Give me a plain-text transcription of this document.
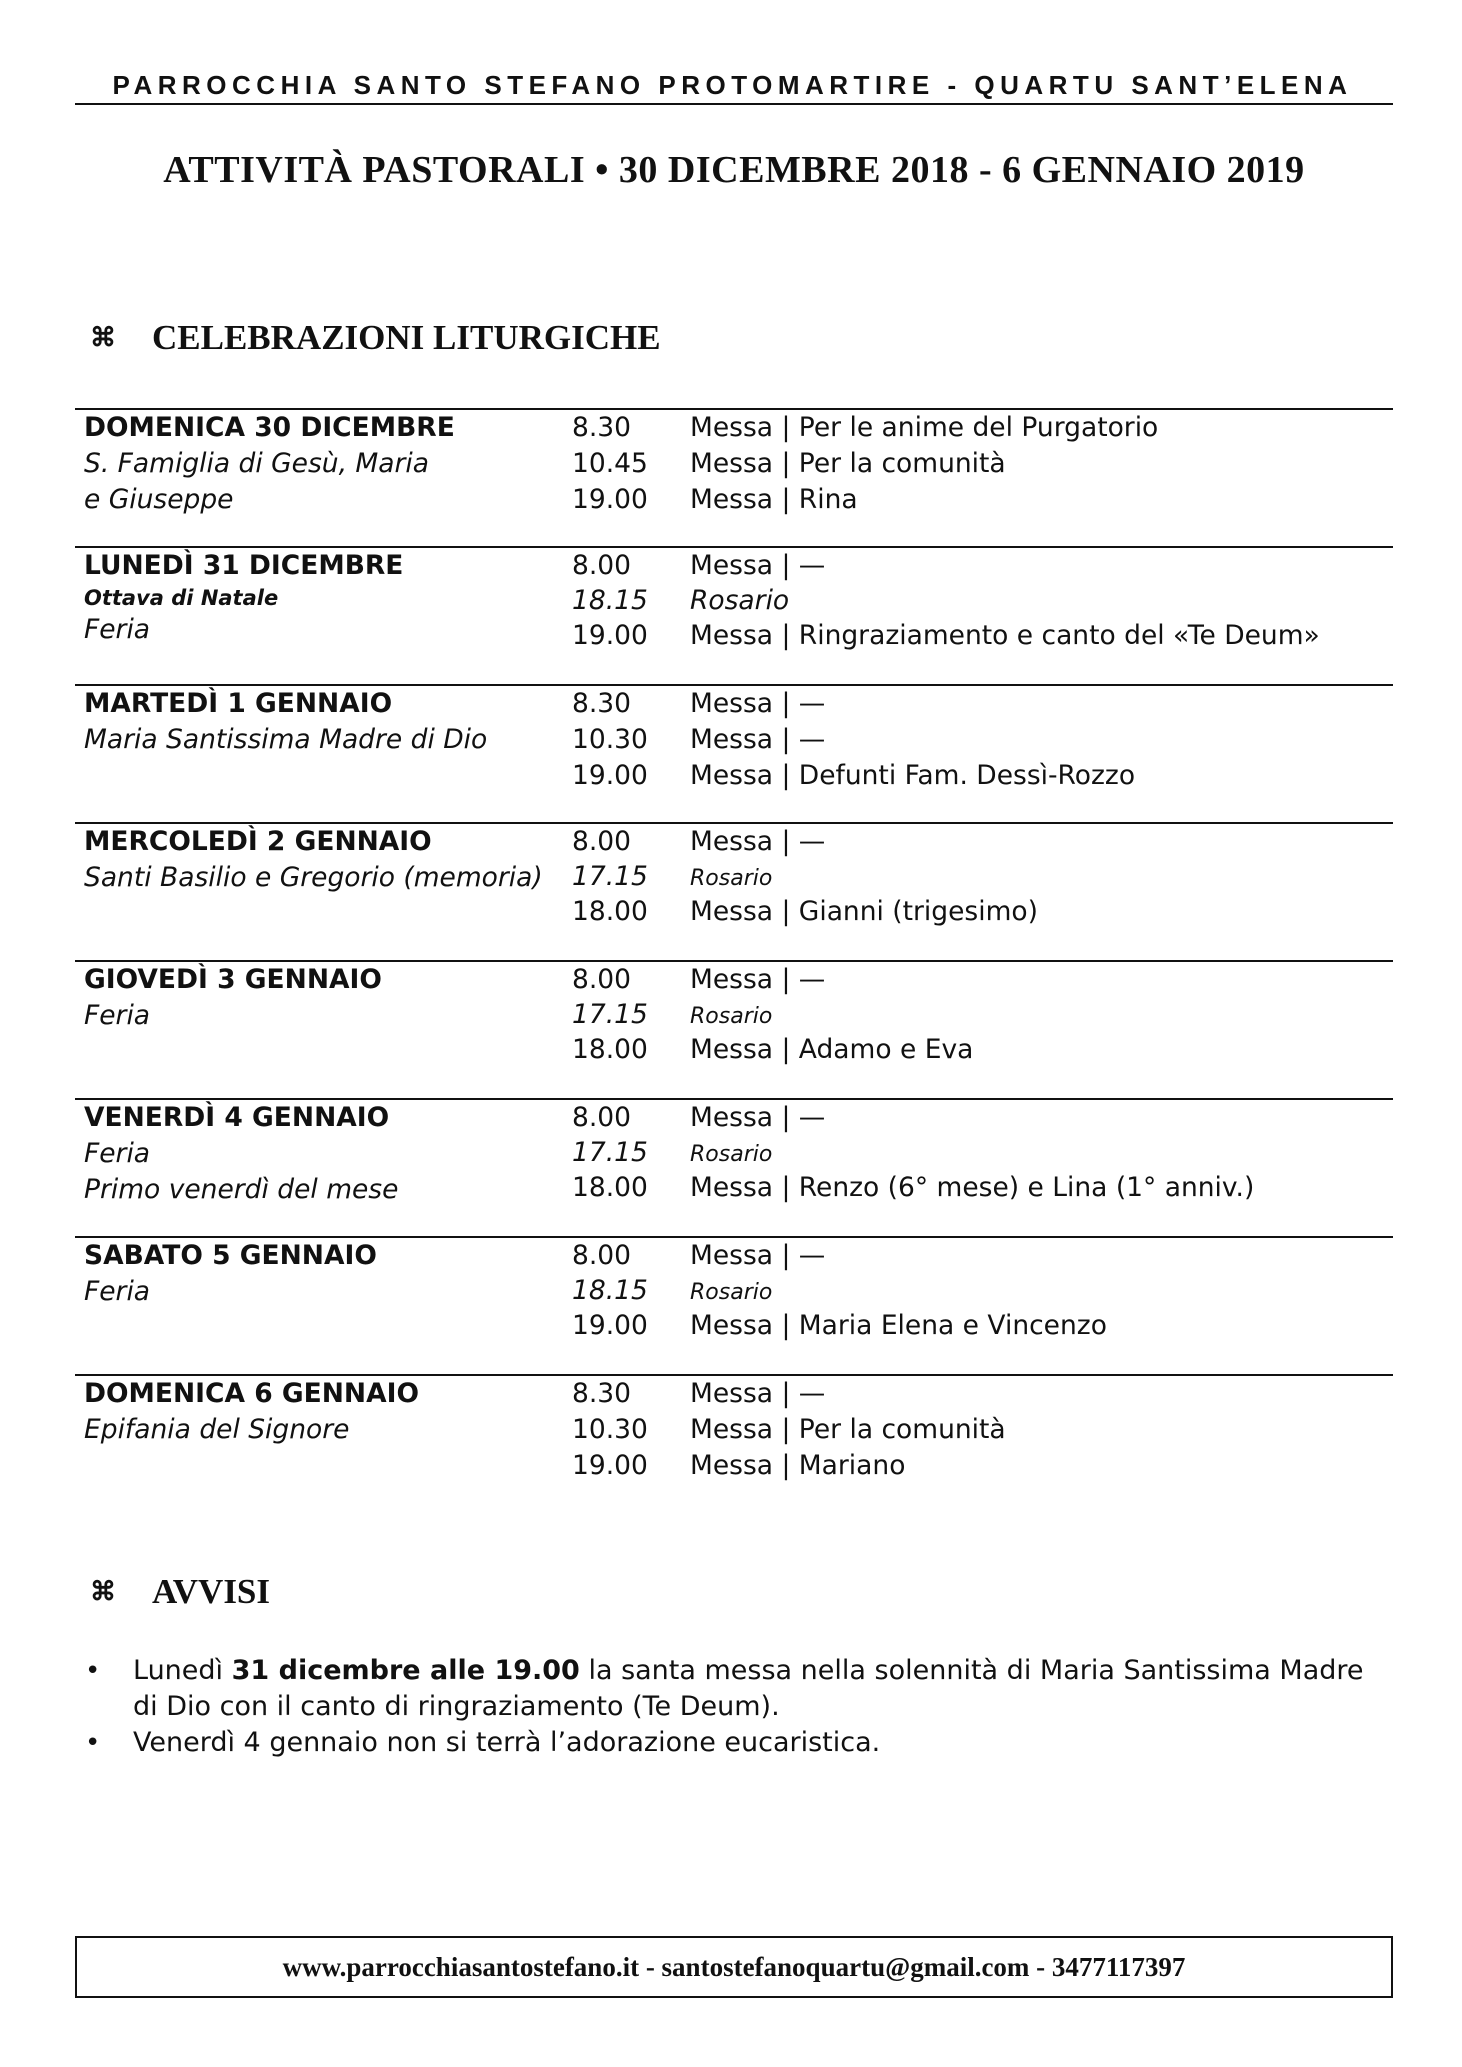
PARROCCHIA SANTO STEFANO PROTOMARTIRE - QUARTU SANT’ELENA
ATTIVITÀ PASTORALI • 30 DICEMBRE 2018 - 6 GENNAIO 2019
⌘ CELEBRAZIONI LITURGICHE
DOMENICA 30 DICEMBRE
S. Famiglia di Gesù, Maria
e Giuseppe
8.30 Messa | Per le anime del Purgatorio
10.45 Messa | Per la comunità
19.00 Messa | Rina
LUNEDÌ 31 DICEMBRE
Ottava di Natale
Feria
8.00 Messa | —
18.15 Rosario
19.00 Messa | Ringraziamento e canto del «Te Deum»
MARTEDÌ 1 GENNAIO
Maria Santissima Madre di Dio
8.30 Messa | —
10.30 Messa | —
19.00 Messa | Defunti Fam. Dessì-Rozzo
MERCOLEDÌ 2 GENNAIO
Santi Basilio e Gregorio (memoria)
8.00 Messa | —
17.15 Rosario
18.00 Messa | Gianni (trigesimo)
GIOVEDÌ 3 GENNAIO
Feria
8.00 Messa | —
17.15 Rosario
18.00 Messa | Adamo e Eva
VENERDÌ 4 GENNAIO
Feria
Primo venerdì del mese
8.00 Messa | —
17.15 Rosario
18.00 Messa | Renzo (6° mese) e Lina (1° anniv.)
SABATO 5 GENNAIO
Feria
8.00 Messa | —
18.15 Rosario
19.00 Messa | Maria Elena e Vincenzo
DOMENICA 6 GENNAIO
Epifania del Signore
8.30 Messa | —
10.30 Messa | Per la comunità
19.00 Messa | Mariano
⌘ AVVISI
• Lunedì 31 dicembre alle 19.00 la santa messa nella solennità di Maria Santissima Madre di Dio con il canto di ringraziamento (Te Deum).
• Venerdì 4 gennaio non si terrà l’adorazione eucaristica.
www.parrocchiasantostefano.it - santostefanoquartu@gmail.com - 3477117397
